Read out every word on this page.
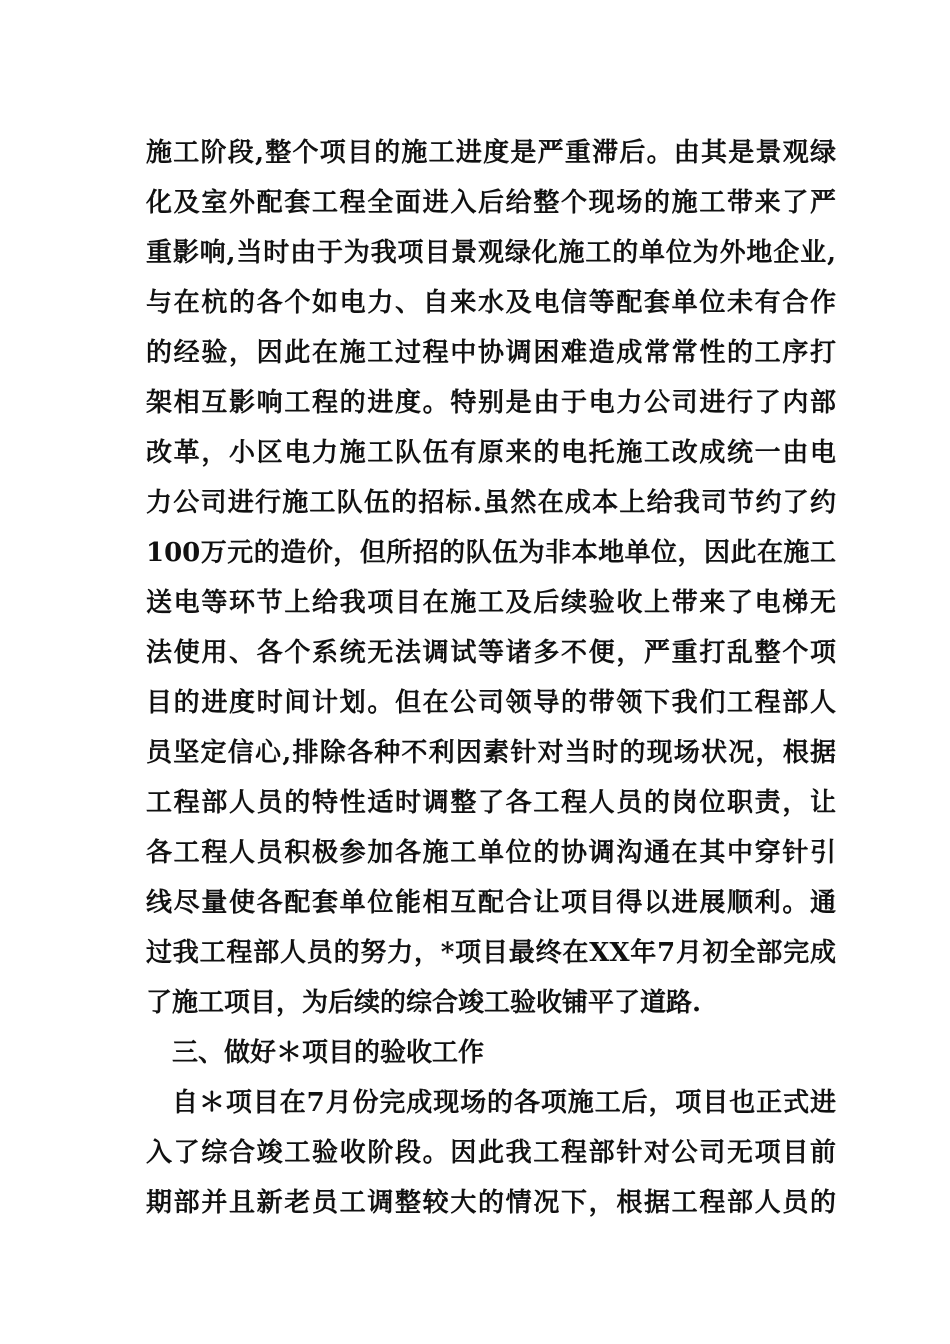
施工阶段,整个项目的施工进度是严重滞后。由其是景观绿
化及室外配套工程全面进入后给整个现场的施工带来了严
重影响,当时由于为我项目景观绿化施工的单位为外地企业,
与在杭的各个如电力、自来水及电信等配套单位未有合作
的经验，因此在施工过程中协调困难造成常常性的工序打
架相互影响工程的进度。特别是由于电力公司进行了内部
改革，小区电力施工队伍有原来的电托施工改成统一由电
力公司进行施工队伍的招标.虽然在成本上给我司节约了约
100万元的造价，但所招的队伍为非本地单位，因此在施工
送电等环节上给我项目在施工及后续验收上带来了电梯无
法使用、各个系统无法调试等诸多不便，严重打乱整个项
目的进度时间计划。但在公司领导的带领下我们工程部人
员坚定信心,排除各种不利因素针对当时的现场状况，根据
工程部人员的特性适时调整了各工程人员的岗位职责，让
各工程人员积极参加各施工单位的协调沟通在其中穿针引
线尽量使各配套单位能相互配合让项目得以进展顺利。通
过我工程部人员的努力，*项目最终在XX年7月初全部完成
了施工项目，为后续的综合竣工验收铺平了道路.
三、做好＊项目的验收工作
自＊项目在7月份完成现场的各项施工后，项目也正式进
入了综合竣工验收阶段。因此我工程部针对公司无项目前
期部并且新老员工调整较大的情况下，根据工程部人员的
